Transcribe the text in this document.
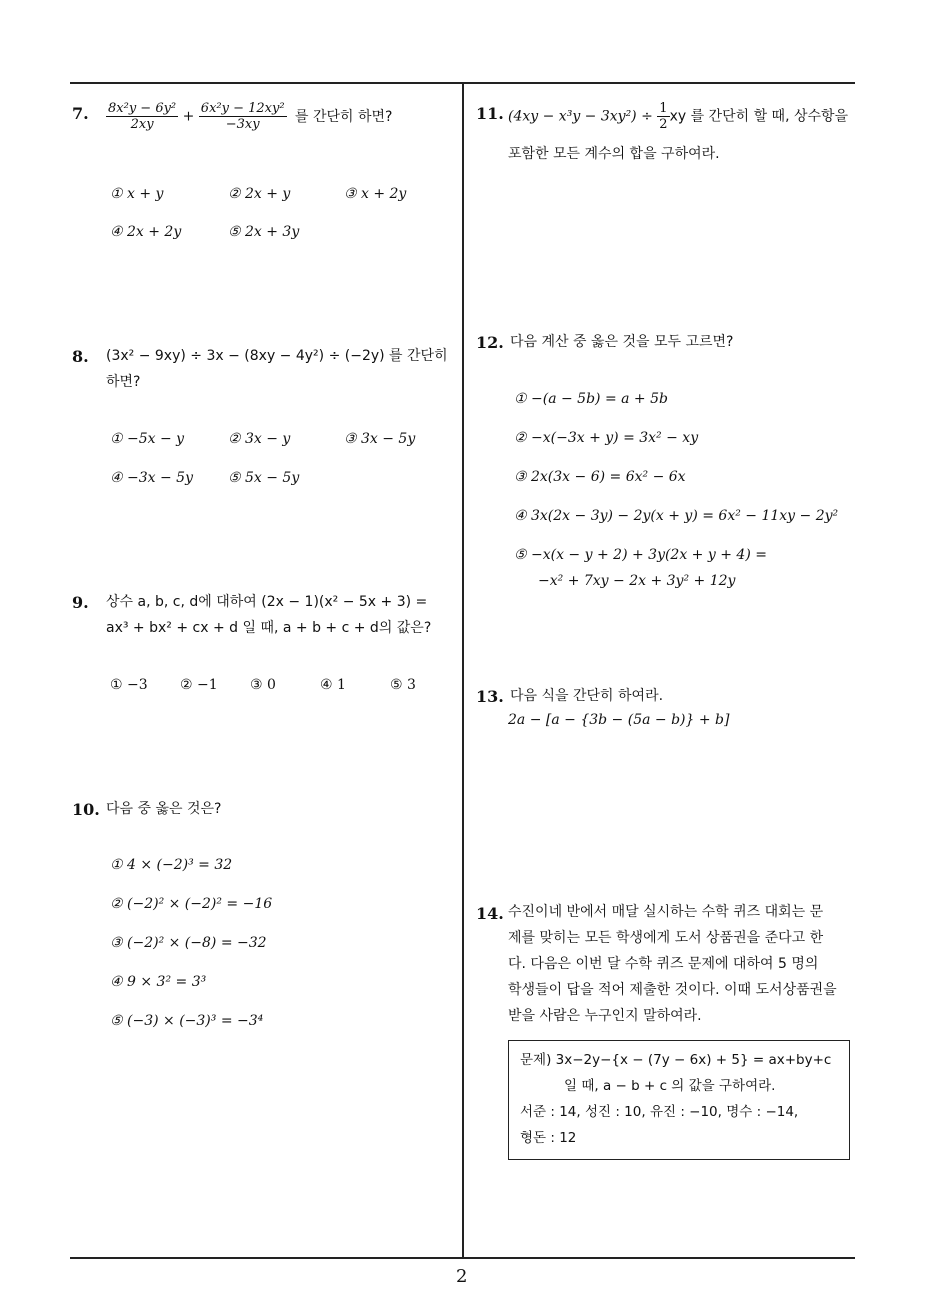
7. $\frac{\text{8x²y − 6y²}}{2xy} + \frac{\text{6x²y − 12xy²}}{-3xy}$ 를 간단히 하면?
① x + y	② 2x + y	③ x + 2y
④ 2x + 2y	⑤ 2x + 3y
8. (3x² − 9xy) ÷ 3x − (8xy − 4y²) ÷ (−2y) 를 간단히
하면?
① −5x − y	② 3x − y	③ 3x − 5y
④ −3x − 5y	⑤ 5x − 5y
9. 상수 a, b, c, d에 대하여 (2x − 1)(x² − 5x + 3) =
ax³ + bx² + cx + d 일 때, a + b + c + d의 값은?
① −3 ② −1 ③ 0	④ 1	⑤ 3
10. 다음 중 옳은 것은?
① 4 × (−2)³ = 32
② (−2)² × (−2)² = −16
③ (−2)² × (−8) = −32
④ 9 × 3² = 3³
⑤ (−3) × (−3)³ = −3⁴
11. $(4xy - x^3y - 3xy^2) \div \frac{1}{2}$ xy 를 간단히 할 때, 상수항을
포함한 모든 계수의 합을 구하여라.
12. 다음 계산 중 옳은 것을 모두 고르면?
① −(a − 5b) = a + 5b
② −x(−3x + y) = 3x² − xy
③ 2x(3x − 6) = 6x² − 6x
④ 3x(2x − 3y) − 2y(x + y) = 6x² − 11xy − 2y²
⑤ −x(x − y + 2) + 3y(2x + y + 4) =
−x² + 7xy − 2x + 3y² + 12y
13. 다음 식을 간단히 하여라.
2a − [a − {3b − (5a − b)} + b]
14. 수진이네 반에서 매달 실시하는 수학 퀴즈 대회는 문
제를 맞히는 모든 학생에게 도서 상품권을 준다고 한
다. 다음은 이번 달 수학 퀴즈 문제에 대하여 5 명의
학생들이 답을 적어 제출한 것이다. 이때 도서상품권을
받을 사람은 누구인지 말하여라.
문제) 3x−2y−{x − (7y − 6x) + 5} = ax+by+c
일 때, a − b + c 의 값을 구하여라.
서준 : 14, 성진 : 10, 유진 : −10, 명수 : −14,
형돈 : 12
2
